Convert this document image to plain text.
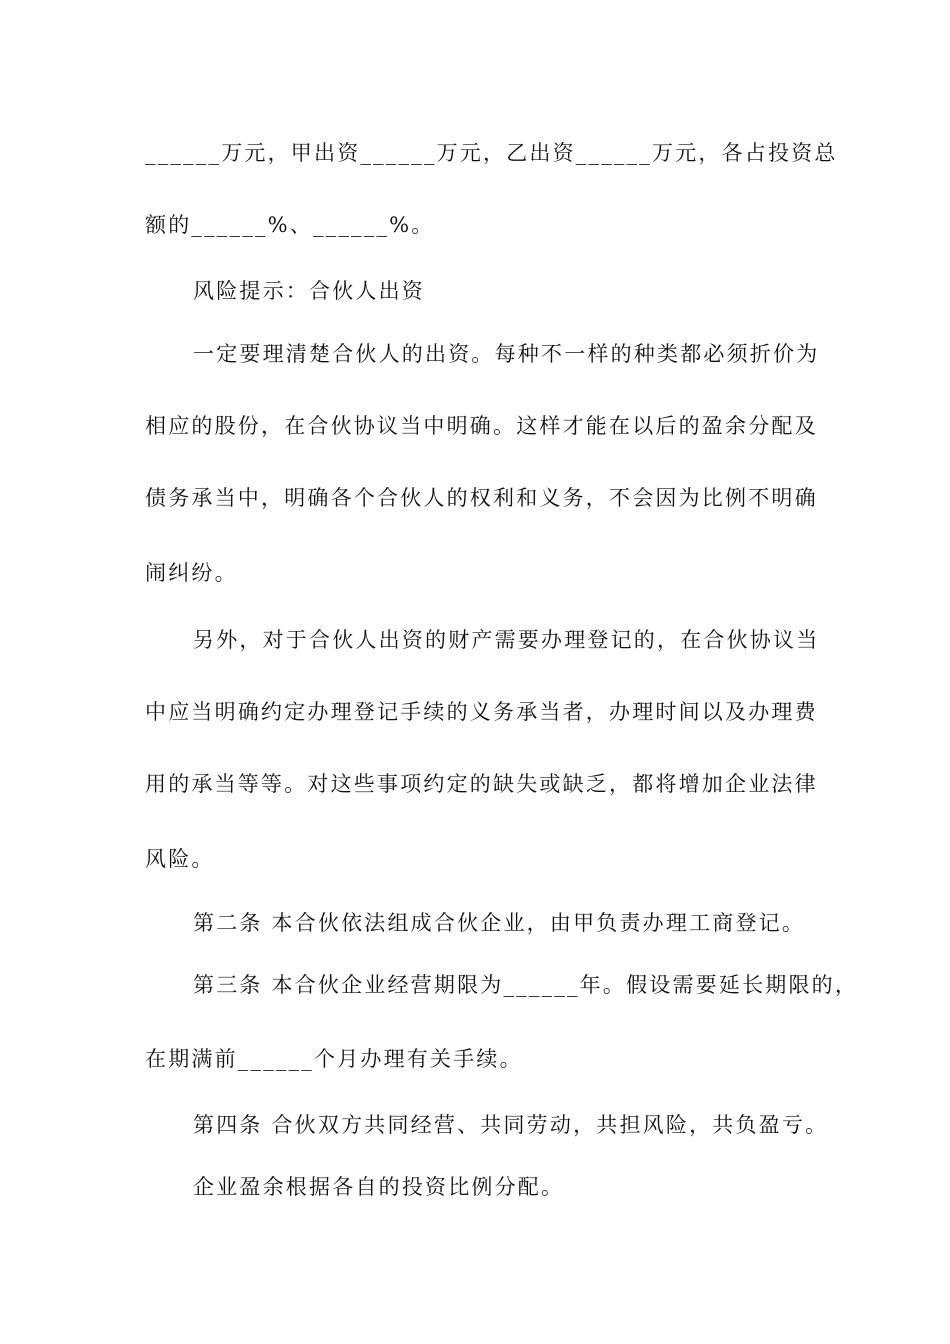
______万元，甲出资______万元，乙出资______万元，各占投资总
额的______%、______%。
风险提示：合伙人出资
一定要理清楚合伙人的出资。每种不一样的种类都必须折价为
相应的股份，在合伙协议当中明确。这样才能在以后的盈余分配及
债务承当中，明确各个合伙人的权利和义务，不会因为比例不明确
闹纠纷。
另外，对于合伙人出资的财产需要办理登记的，在合伙协议当
中应当明确约定办理登记手续的义务承当者，办理时间以及办理费
用的承当等等。对这些事项约定的缺失或缺乏，都将增加企业法律
风险。
第二条 本合伙依法组成合伙企业，由甲负责办理工商登记。
第三条 本合伙企业经营期限为______年。假设需要延长期限的，
在期满前______个月办理有关手续。
第四条 合伙双方共同经营、共同劳动，共担风险，共负盈亏。
企业盈余根据各自的投资比例分配。
